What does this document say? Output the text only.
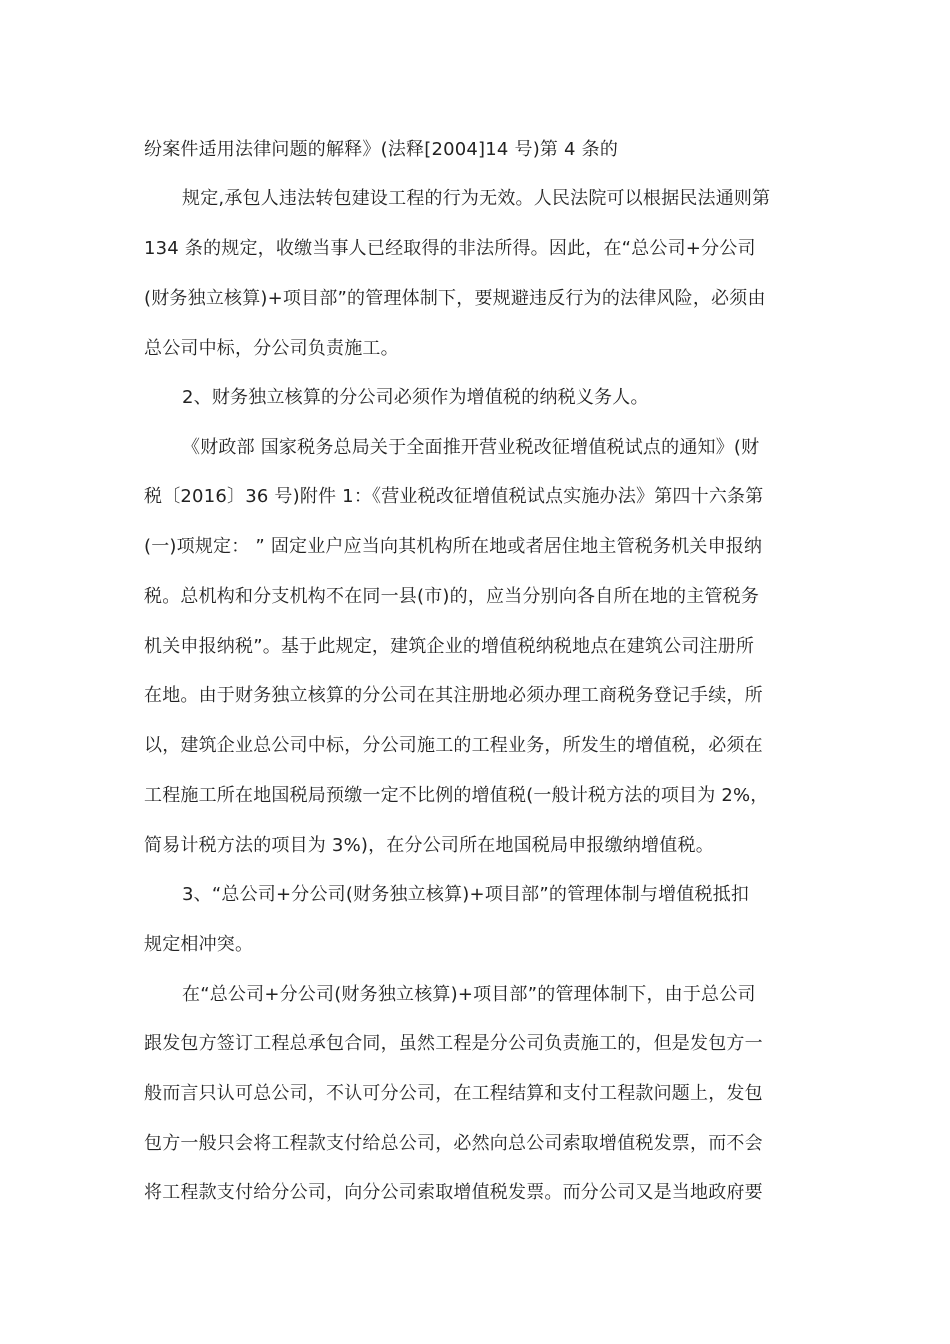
纷案件适用法律问题的解释》(法释[2004]14 号)第 4 条的
规定,承包人违法转包建设工程的行为无效。人民法院可以根据民法通则第
134 条的规定，收缴当事人已经取得的非法所得。因此，在“总公司+分公司
(财务独立核算)+项目部”的管理体制下，要规避违反行为的法律风险，必须由
总公司中标，分公司负责施工。
2、财务独立核算的分公司必须作为增值税的纳税义务人。
《财政部 国家税务总局关于全面推开营业税改征增值税试点的通知》(财
税〔2016〕36 号)附件 1：《营业税改征增值税试点实施办法》第四十六条第
(一)项规定： ” 固定业户应当向其机构所在地或者居住地主管税务机关申报纳
税。总机构和分支机构不在同一县(市)的，应当分别向各自所在地的主管税务
机关申报纳税”。基于此规定，建筑企业的增值税纳税地点在建筑公司注册所
在地。由于财务独立核算的分公司在其注册地必须办理工商税务登记手续，所
以，建筑企业总公司中标，分公司施工的工程业务，所发生的增值税，必须在
工程施工所在地国税局预缴一定不比例的增值税(一般计税方法的项目为 2%，
简易计税方法的项目为 3%)，在分公司所在地国税局申报缴纳增值税。
3、“总公司+分公司(财务独立核算)+项目部”的管理体制与增值税抵扣
规定相冲突。
在“总公司+分公司(财务独立核算)+项目部”的管理体制下，由于总公司
跟发包方签订工程总承包合同，虽然工程是分公司负责施工的，但是发包方一
般而言只认可总公司，不认可分公司，在工程结算和支付工程款问题上，发包
包方一般只会将工程款支付给总公司，必然向总公司索取增值税发票，而不会
将工程款支付给分公司，向分公司索取增值税发票。而分公司又是当地政府要
